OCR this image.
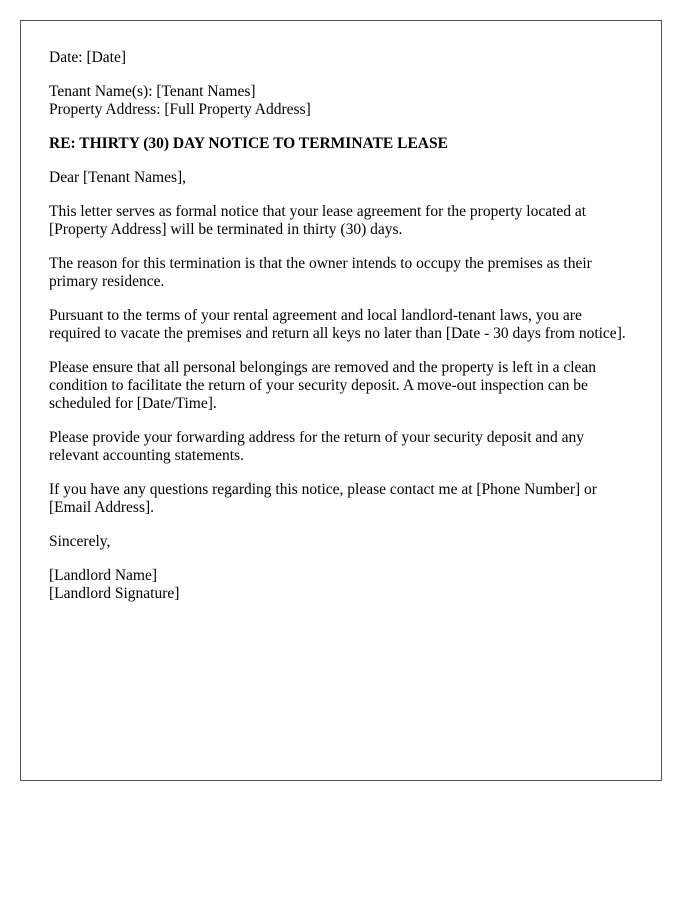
Date: [Date]

Tenant Name(s): [Tenant Names]
Property Address: [Full Property Address]

RE: THIRTY (30) DAY NOTICE TO TERMINATE LEASE

Dear [Tenant Names],

This letter serves as formal notice that your lease agreement for the property located at [Property Address] will be terminated in thirty (30) days.

The reason for this termination is that the owner intends to occupy the premises as their primary residence.

Pursuant to the terms of your rental agreement and local landlord-tenant laws, you are required to vacate the premises and return all keys no later than [Date - 30 days from notice].

Please ensure that all personal belongings are removed and the property is left in a clean condition to facilitate the return of your security deposit. A move-out inspection can be scheduled for [Date/Time].

Please provide your forwarding address for the return of your security deposit and any relevant accounting statements.

If you have any questions regarding this notice, please contact me at [Phone Number] or [Email Address].

Sincerely,

[Landlord Name]
[Landlord Signature]
